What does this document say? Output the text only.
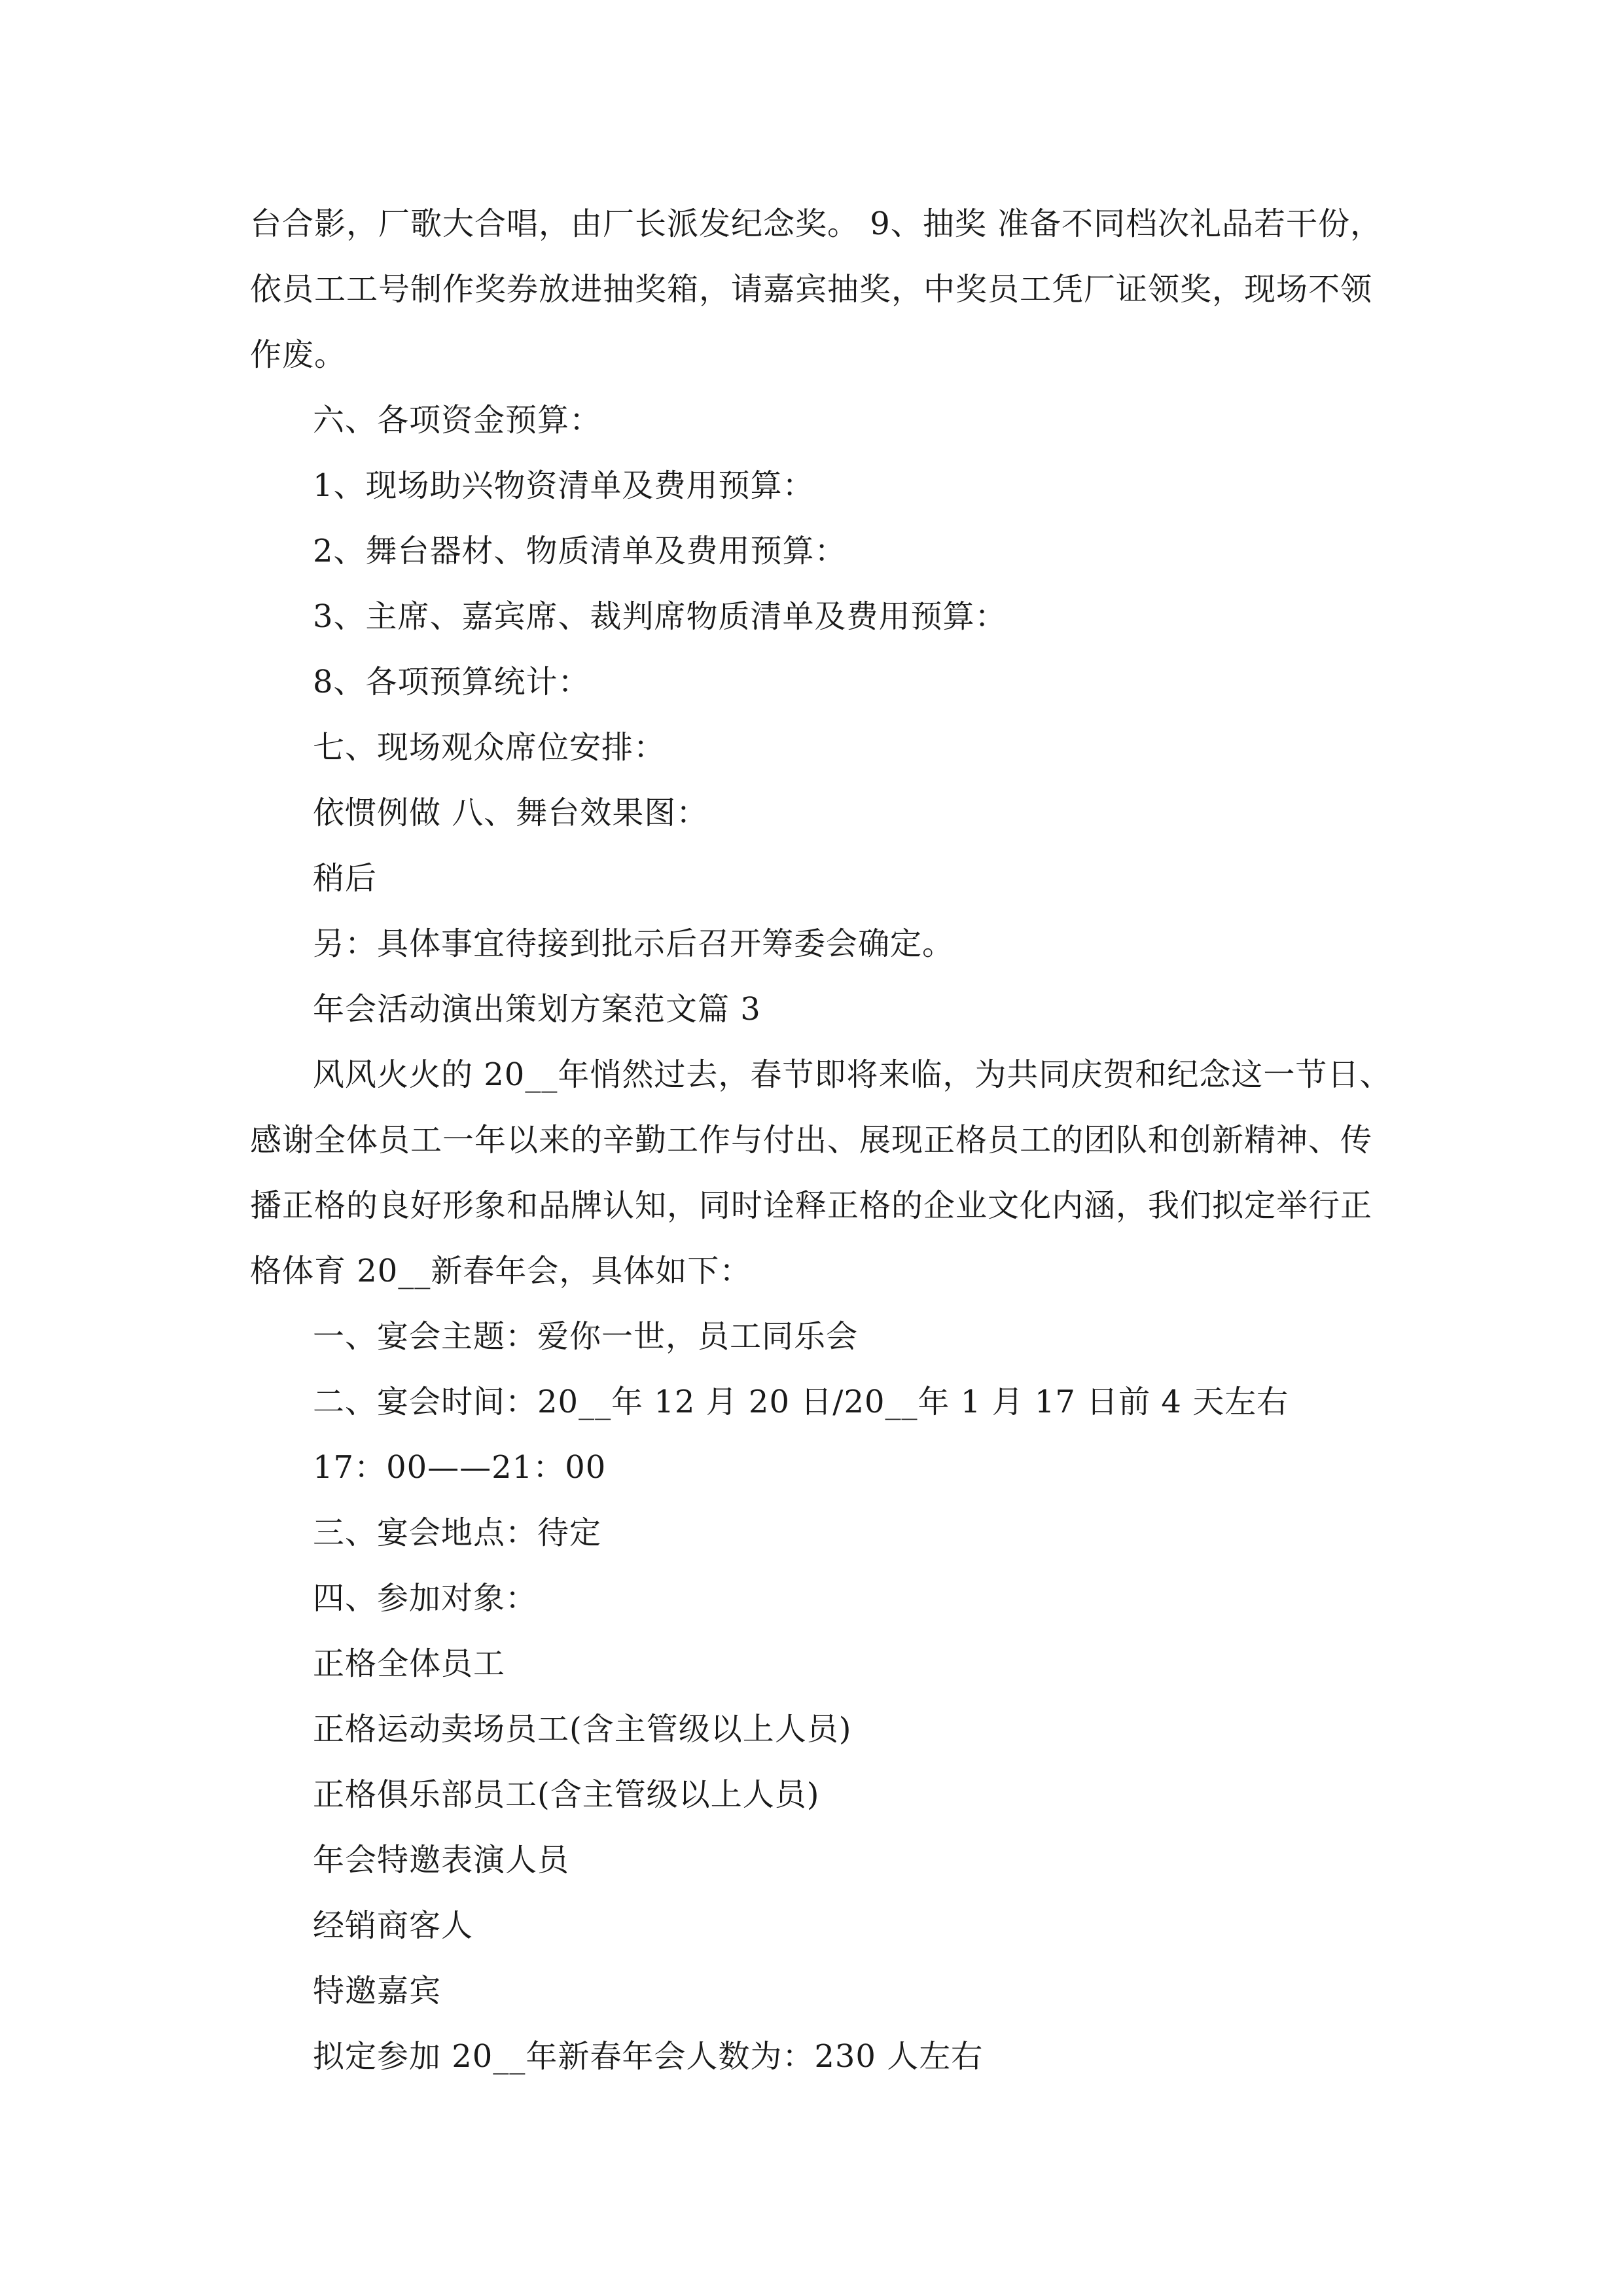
台合影，厂歌大合唱，由厂长派发纪念奖。 9、抽奖 准备不同档次礼品若干份，
依员工工号制作奖券放进抽奖箱，请嘉宾抽奖，中奖员工凭厂证领奖，现场不领
作废。
六、各项资金预算：
1、现场助兴物资清单及费用预算：
2、舞台器材、物质清单及费用预算：
3、主席、嘉宾席、裁判席物质清单及费用预算：
8、各项预算统计：
七、现场观众席位安排：
依惯例做 八、舞台效果图：
稍后
另：具体事宜待接到批示后召开筹委会确定。
年会活动演出策划方案范文篇 3
风风火火的 20__年悄然过去，春节即将来临，为共同庆贺和纪念这一节日、
感谢全体员工一年以来的辛勤工作与付出、展现正格员工的团队和创新精神、传
播正格的良好形象和品牌认知，同时诠释正格的企业文化内涵，我们拟定举行正
格体育 20__新春年会，具体如下：
一、宴会主题：爱你一世，员工同乐会
二、宴会时间：20__年 12 月 20 日/20__年 1 月 17 日前 4 天左右
17：00——21：00
三、宴会地点：待定
四、参加对象：
正格全体员工
正格运动卖场员工(含主管级以上人员)
正格俱乐部员工(含主管级以上人员)
年会特邀表演人员
经销商客人
特邀嘉宾
拟定参加 20__年新春年会人数为：230 人左右
